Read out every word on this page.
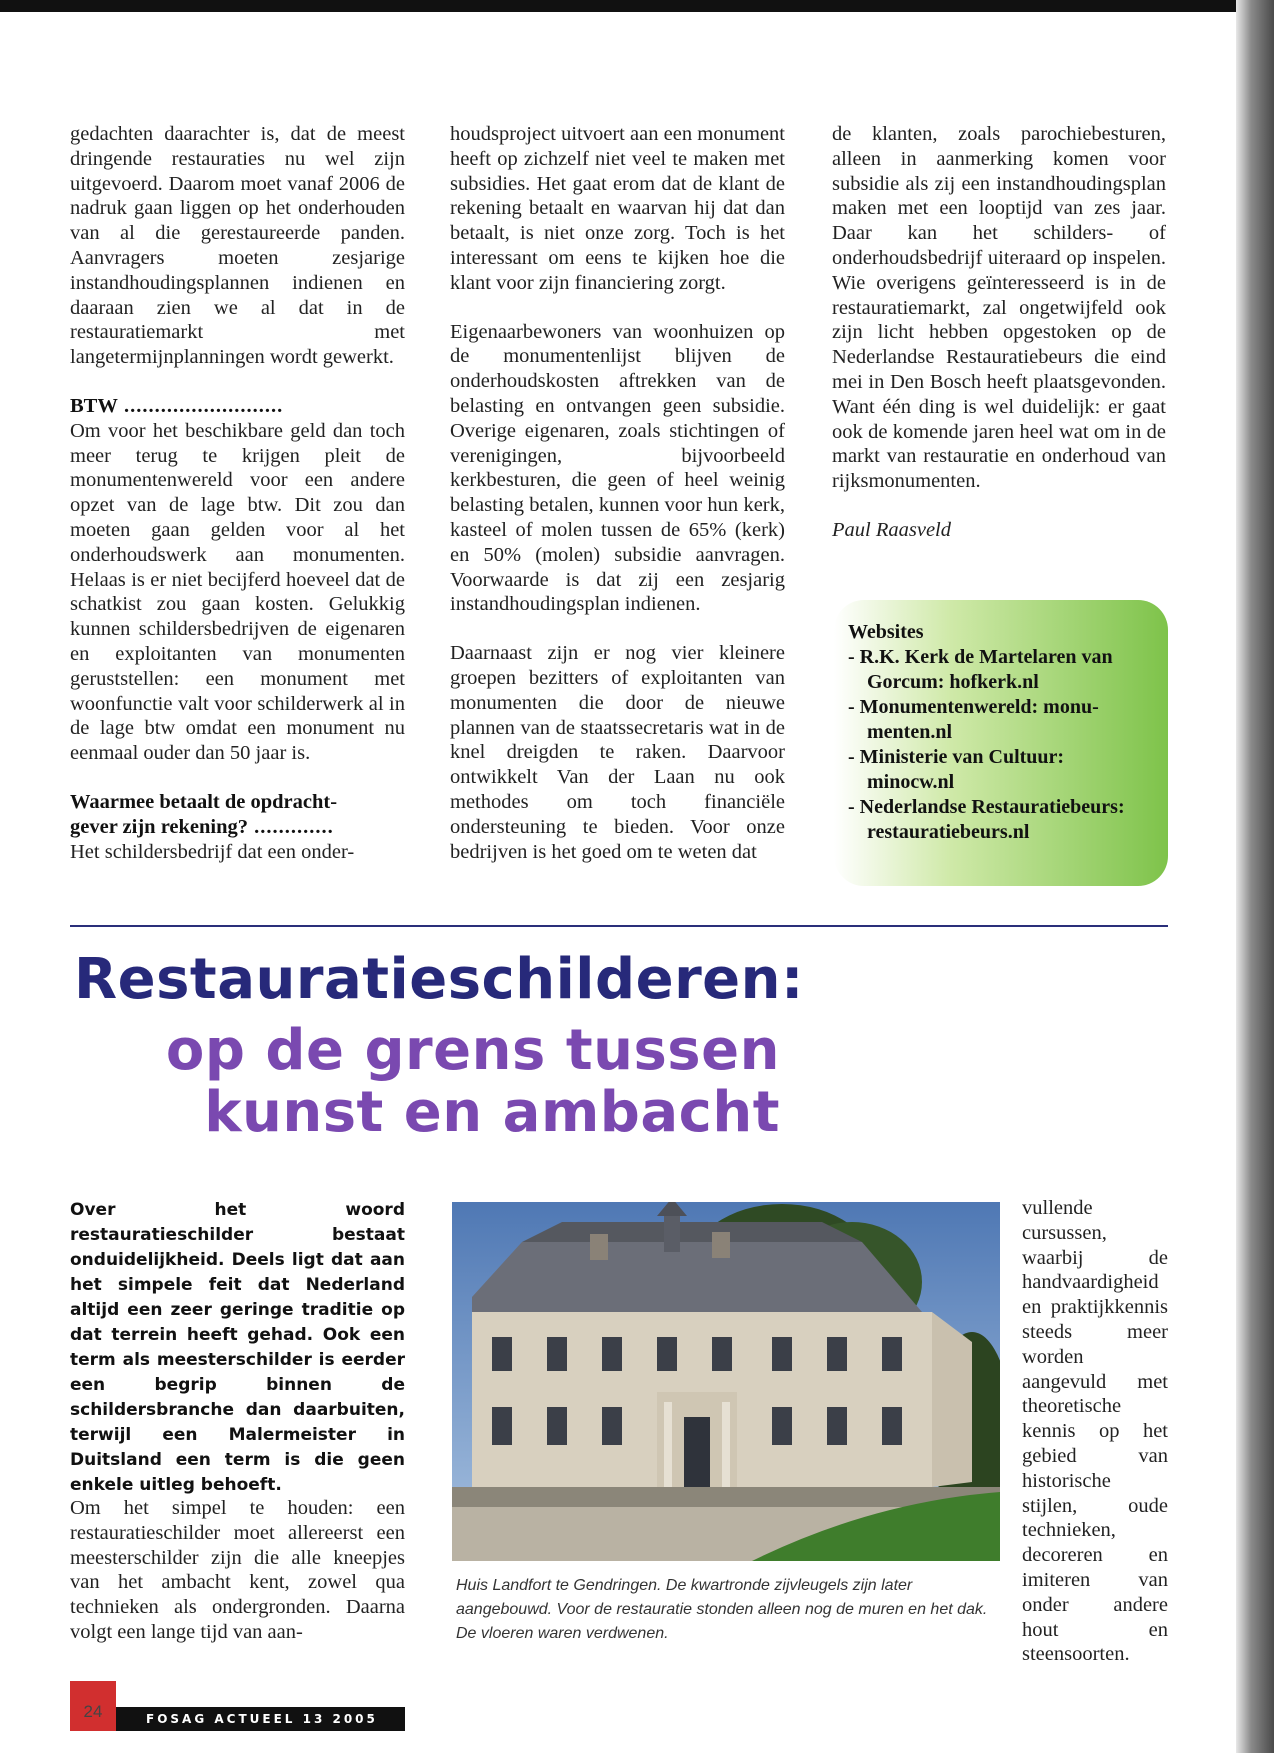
gedachten daarachter is, dat de meest dringende restauraties nu wel zijn uitgevoerd. Daarom moet vanaf 2006 de nadruk gaan liggen op het onderhouden van al die gerestaureerde panden. Aanvragers moeten zesjarige instandhoudingsplannen indienen en daaraan zien we al dat in de restauratiemarkt met langetermijnplanningen wordt gewerkt.

BTW ..........................

Om voor het beschikbare geld dan toch meer terug te krijgen pleit de monumentenwereld voor een andere opzet van de lage btw. Dit zou dan moeten gaan gelden voor al het onderhoudswerk aan monumenten. Helaas is er niet becijferd hoeveel dat de schatkist zou gaan kosten. Gelukkig kunnen schildersbedrijven de eigenaren en exploitanten van monumenten geruststellen: een monument met woonfunctie valt voor schilderwerk al in de lage btw omdat een monument nu eenmaal ouder dan 50 jaar is.

Waarmee betaalt de opdracht-
gever zijn rekening? .............

Het schildersbedrijf dat een onder-

houdsproject uitvoert aan een monument heeft op zichzelf niet veel te maken met subsidies. Het gaat erom dat de klant de rekening betaalt en waarvan hij dat dan betaalt, is niet onze zorg. Toch is het interessant om eens te kijken hoe die klant voor zijn financiering zorgt.

Eigenaarbewoners van woonhuizen op de monumentenlijst blijven de onderhoudskosten aftrekken van de belasting en ontvangen geen subsidie. Overige eigenaren, zoals stichtingen of verenigingen, bijvoorbeeld kerkbesturen, die geen of heel weinig belasting betalen, kunnen voor hun kerk, kasteel of molen tussen de 65% (kerk) en 50% (molen) subsidie aanvragen. Voorwaarde is dat zij een zesjarig instandhoudingsplan indienen.

Daarnaast zijn er nog vier kleinere groepen bezitters of exploitanten van monumenten die door de nieuwe plannen van de staatssecretaris wat in de knel dreigden te raken. Daarvoor ontwikkelt Van der Laan nu ook methodes om toch financiële ondersteuning te bieden. Voor onze bedrijven is het goed om te weten dat

de klanten, zoals parochiebesturen, alleen in aanmerking komen voor subsidie als zij een instandhoudingsplan maken met een looptijd van zes jaar. Daar kan het schilders- of onderhoudsbedrijf uiteraard op inspelen. Wie overigens geïnteresseerd is in de restauratiemarkt, zal ongetwijfeld ook zijn licht hebben opgestoken op de Nederlandse Restauratiebeurs die eind mei in Den Bosch heeft plaatsgevonden. Want één ding is wel duidelijk: er gaat ook de komende jaren heel wat om in de markt van restauratie en onderhoud van rijksmonumenten.

Paul Raasveld

Websites
- R.K. Kerk de Martelaren van
Gorcum: hofkerk.nl
- Monumentenwereld: monu-
menten.nl
- Ministerie van Cultuur:
minocw.nl
- Nederlandse Restauratiebeurs:
restauratiebeurs.nl
Restauratieschilderen:
op de grens tussen
kunst en ambacht
Over het woord restauratieschilder bestaat onduidelijkheid. Deels ligt dat aan het simpele feit dat Nederland altijd een zeer geringe traditie op dat terrein heeft gehad. Ook een term als meesterschilder is eerder een begrip binnen de schildersbranche dan daarbuiten, terwijl een Malermeister in Duitsland een term is die geen enkele uitleg behoeft.

Om het simpel te houden: een restauratieschilder moet allereerst een meesterschilder zijn die alle kneepjes van het ambacht kent, zowel qua technieken als ondergronden. Daarna volgt een lange tijd van aan-

Huis Landfort te Gendringen. De kwartronde zijvleugels zijn later aangebouwd. Voor de restauratie stonden alleen nog de muren en het dak. De vloeren waren verdwenen.

vullende cursussen, waarbij de handvaardigheid en praktijkkennis steeds meer worden aangevuld met theoretische kennis op het gebied van historische stijlen, oude technieken, decoreren en imiteren van onder andere hout en steensoorten.

24	FOSAG ACTUEEL 13 2005
